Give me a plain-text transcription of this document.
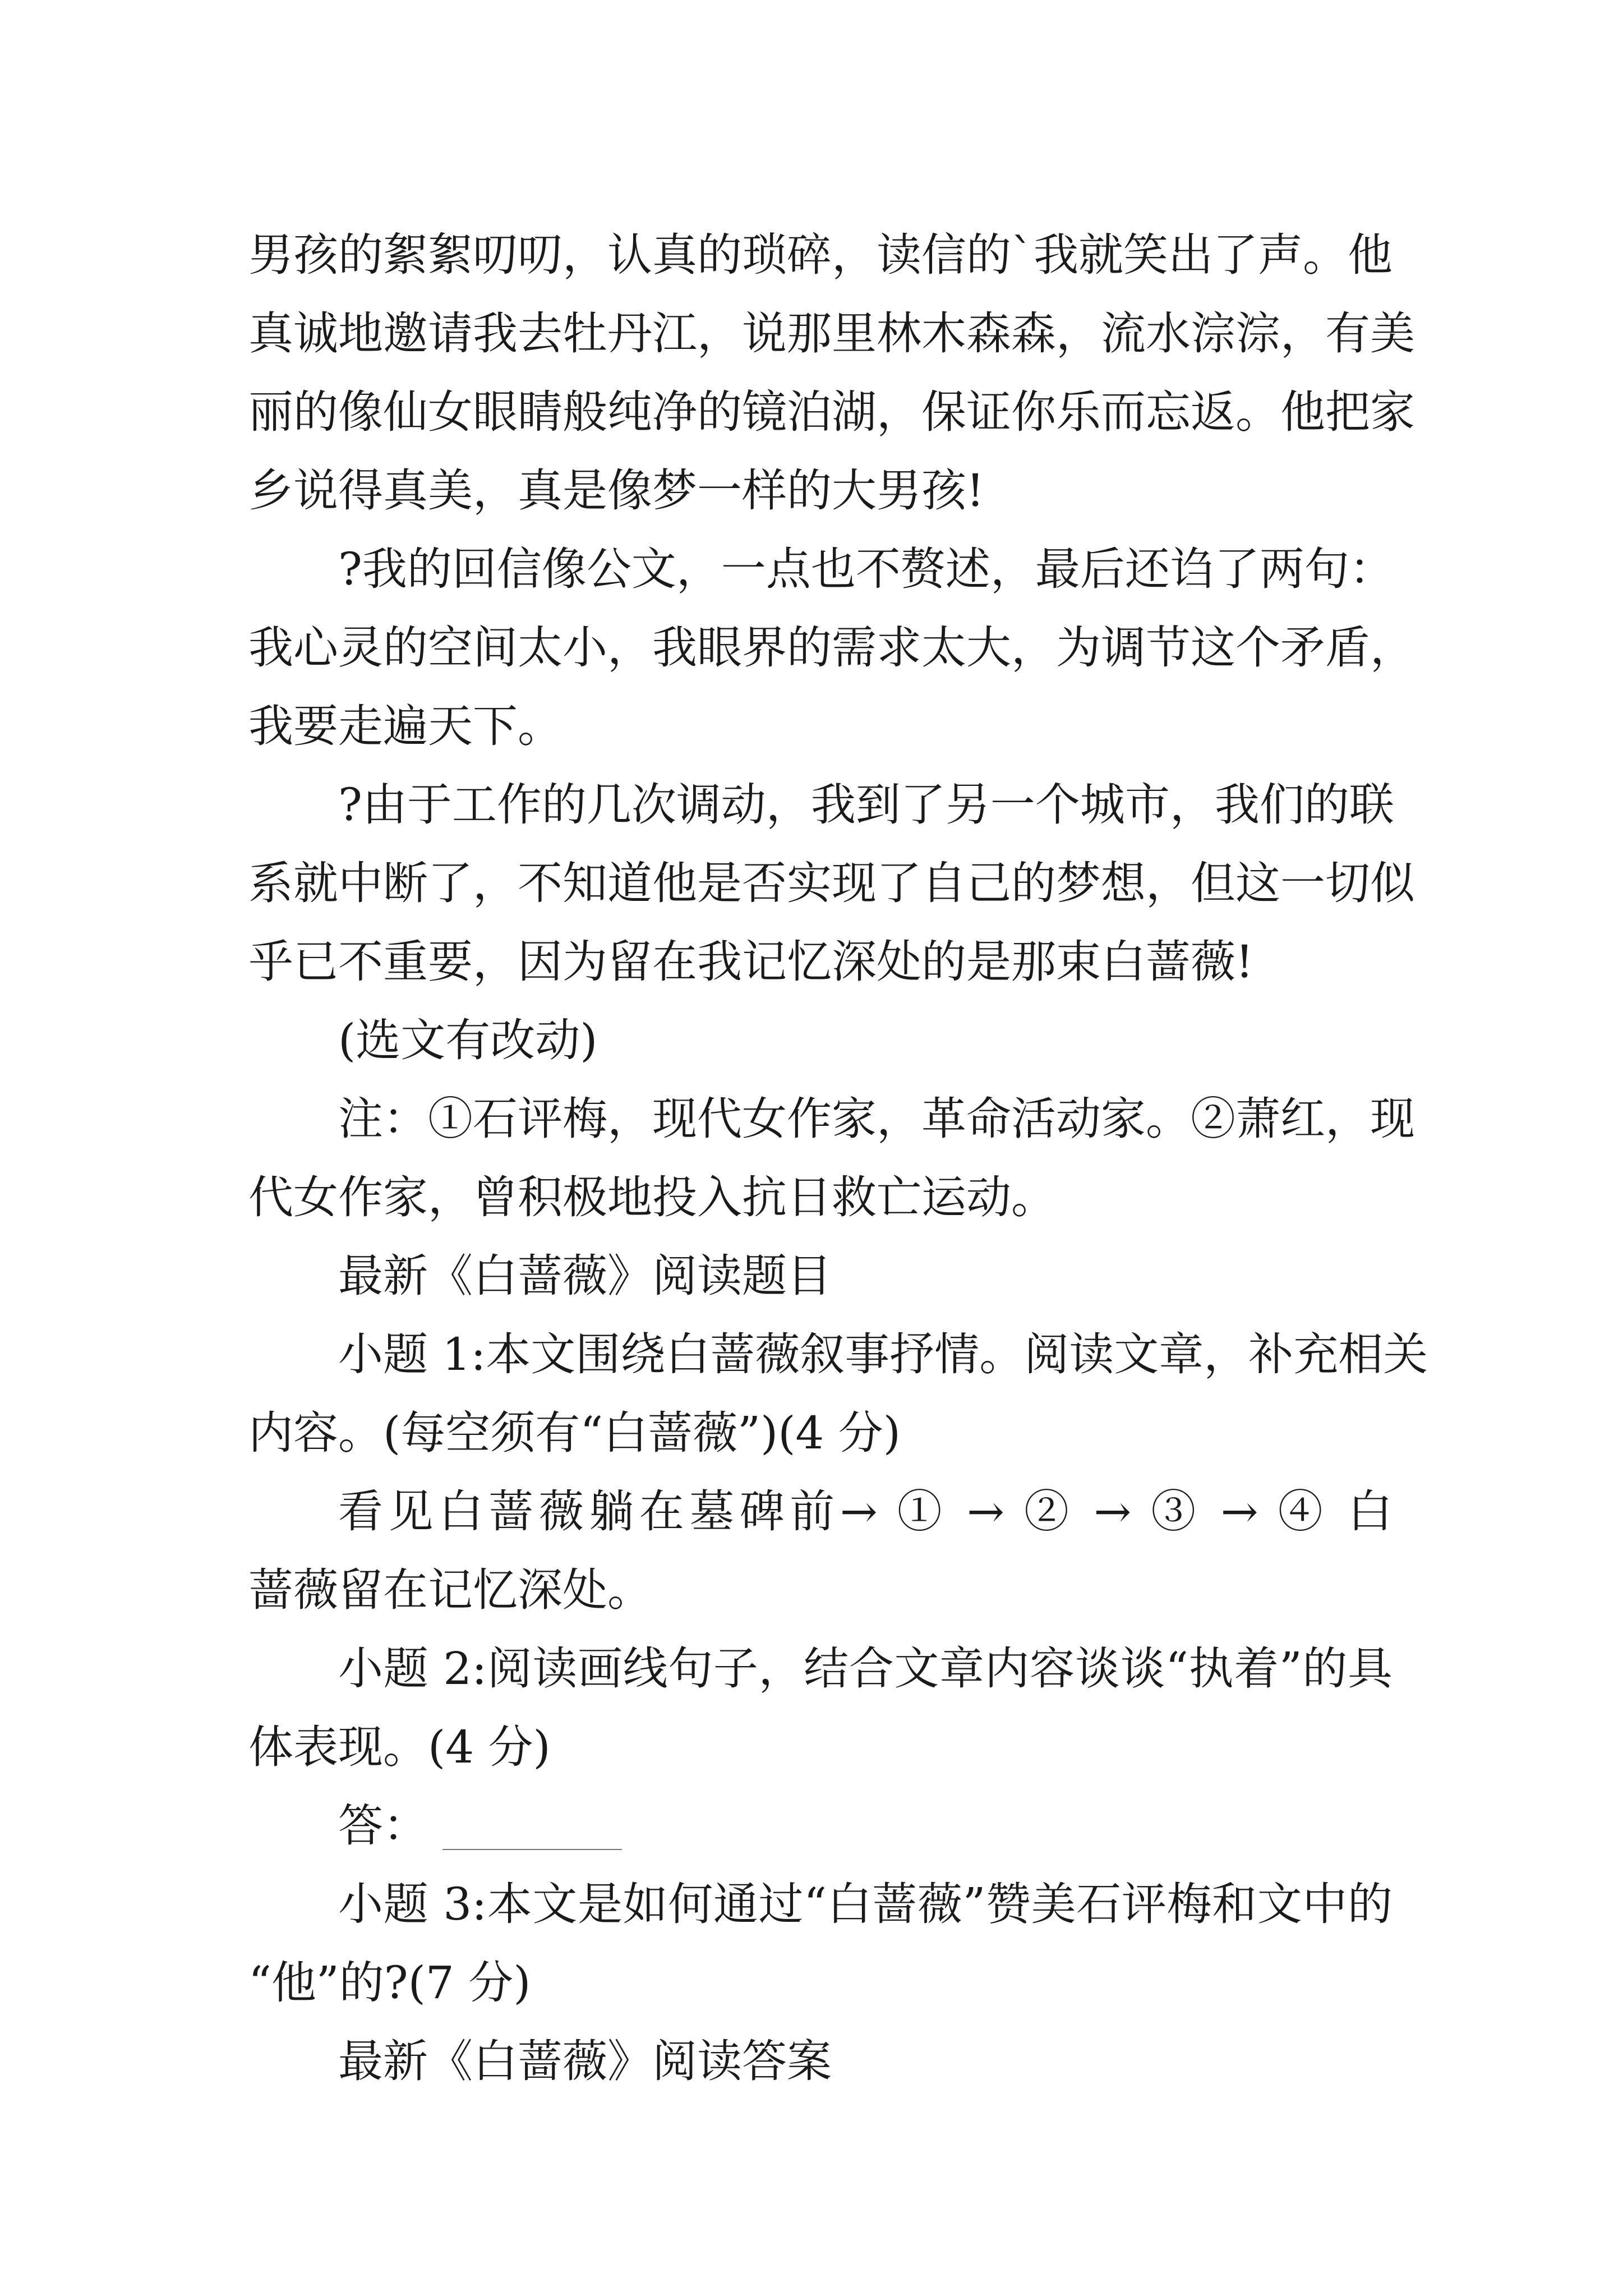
男孩的絮絮叨叨，认真的琐碎，读信的`我就笑出了声。他
真诚地邀请我去牡丹江，说那里林木森森，流水淙淙，有美
丽的像仙女眼睛般纯净的镜泊湖，保证你乐而忘返。他把家
乡说得真美，真是像梦一样的大男孩!
?我的回信像公文，一点也不赘述，最后还诌了两句：
我心灵的空间太小，我眼界的需求太大，为调节这个矛盾，
我要走遍天下。
?由于工作的几次调动，我到了另一个城市，我们的联
系就中断了，不知道他是否实现了自己的梦想，但这一切似
乎已不重要，因为留在我记忆深处的是那束白蔷薇!
(选文有改动)
注：①石评梅，现代女作家，革命活动家。②萧红，现
代女作家，曾积极地投入抗日救亡运动。
最新《白蔷薇》阅读题目
小题 1:本文围绕白蔷薇叙事抒情。阅读文章，补充相关
内容。(每空须有“白蔷薇”)(4 分)
看见白蔷薇躺在墓碑前→ ① → ② → ③ → ④ 白
蔷薇留在记忆深处。
小题 2:阅读画线句子，结合文章内容谈谈“执着”的具
体表现。(4 分)
答：
小题 3:本文是如何通过“白蔷薇”赞美石评梅和文中的
“他”的?(7 分)
最新《白蔷薇》阅读答案
